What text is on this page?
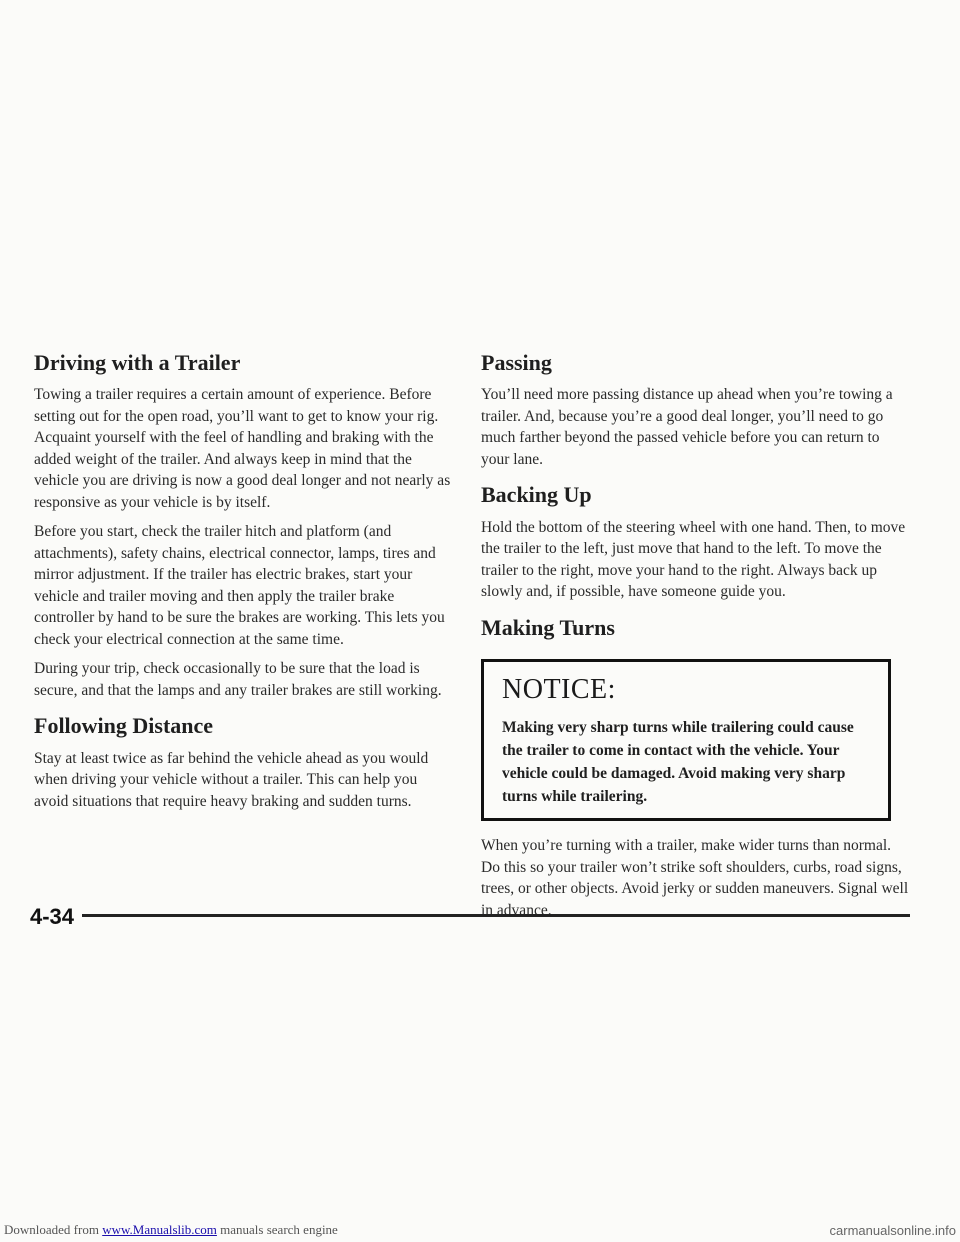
Driving with a Trailer

Towing a trailer requires a certain amount of experience. Before setting out for the open road, you’ll want to get to know your rig. Acquaint yourself with the feel of handling and braking with the added weight of the trailer. And always keep in mind that the vehicle you are driving is now a good deal longer and not nearly as responsive as your vehicle is by itself.

Before you start, check the trailer hitch and platform (and attachments), safety chains, electrical connector, lamps, tires and mirror adjustment. If the trailer has electric brakes, start your vehicle and trailer moving and then apply the trailer brake controller by hand to be sure the brakes are working. This lets you check your electrical connection at the same time.

During your trip, check occasionally to be sure that the load is secure, and that the lamps and any trailer brakes are still working.

Following Distance

Stay at least twice as far behind the vehicle ahead as you would when driving your vehicle without a trailer. This can help you avoid situations that require heavy braking and sudden turns.

Passing

You’ll need more passing distance up ahead when you’re towing a trailer. And, because you’re a good deal longer, you’ll need to go much farther beyond the passed vehicle before you can return to your lane.

Backing Up

Hold the bottom of the steering wheel with one hand. Then, to move the trailer to the left, just move that hand to the left. To move the trailer to the right, move your hand to the right. Always back up slowly and, if possible, have someone guide you.

Making Turns
NOTICE:

Making very sharp turns while trailering could cause the trailer to come in contact with the vehicle. Your vehicle could be damaged. Avoid making very sharp turns while trailering.

When you’re turning with a trailer, make wider turns than normal. Do this so your trailer won’t strike soft shoulders, curbs, road signs, trees, or other objects. Avoid jerky or sudden maneuvers. Signal well in advance.

4-34
Downloaded from www.Manualslib.com manuals search engine	carmanualsonline.info
